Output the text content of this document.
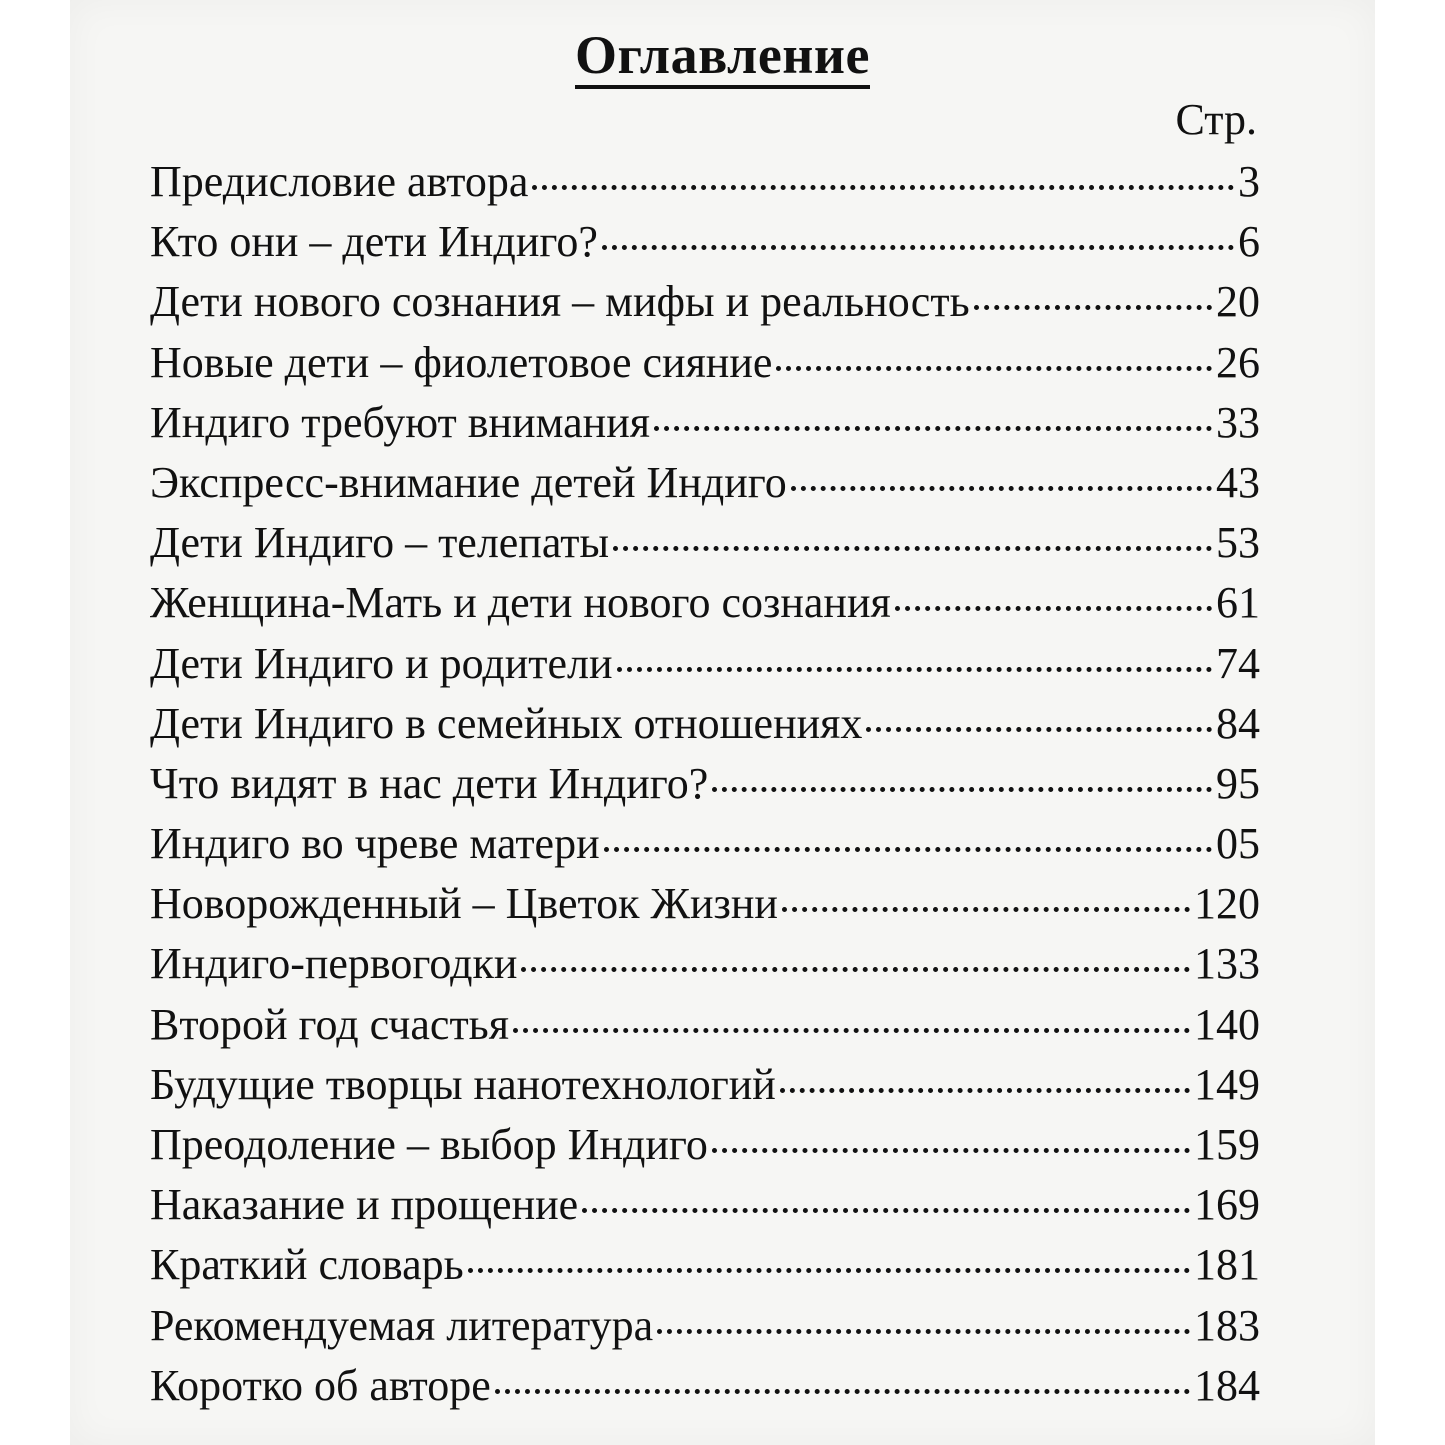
Оглавление
Стр.
Предисловие автора	3
Кто они – дети Индиго?	6
Дети нового сознания – мифы и реальность	20
Новые дети – фиолетовое сияние	26
Индиго требуют внимания	33
Экспресс-внимание детей Индиго	43
Дети Индиго – телепаты	53
Женщина-Мать и дети нового сознания	61
Дети Индиго и родители	74
Дети Индиго в семейных отношениях	84
Что видят в нас дети Индиго?	95
Индиго во чреве матери	05
Новорожденный – Цветок Жизни	120
Индиго-первогодки	133
Второй год счастья	140
Будущие творцы нанотехнологий	149
Преодоление – выбор Индиго	159
Наказание и прощение	169
Краткий словарь	181
Рекомендуемая литература	183
Коротко об авторе	184
